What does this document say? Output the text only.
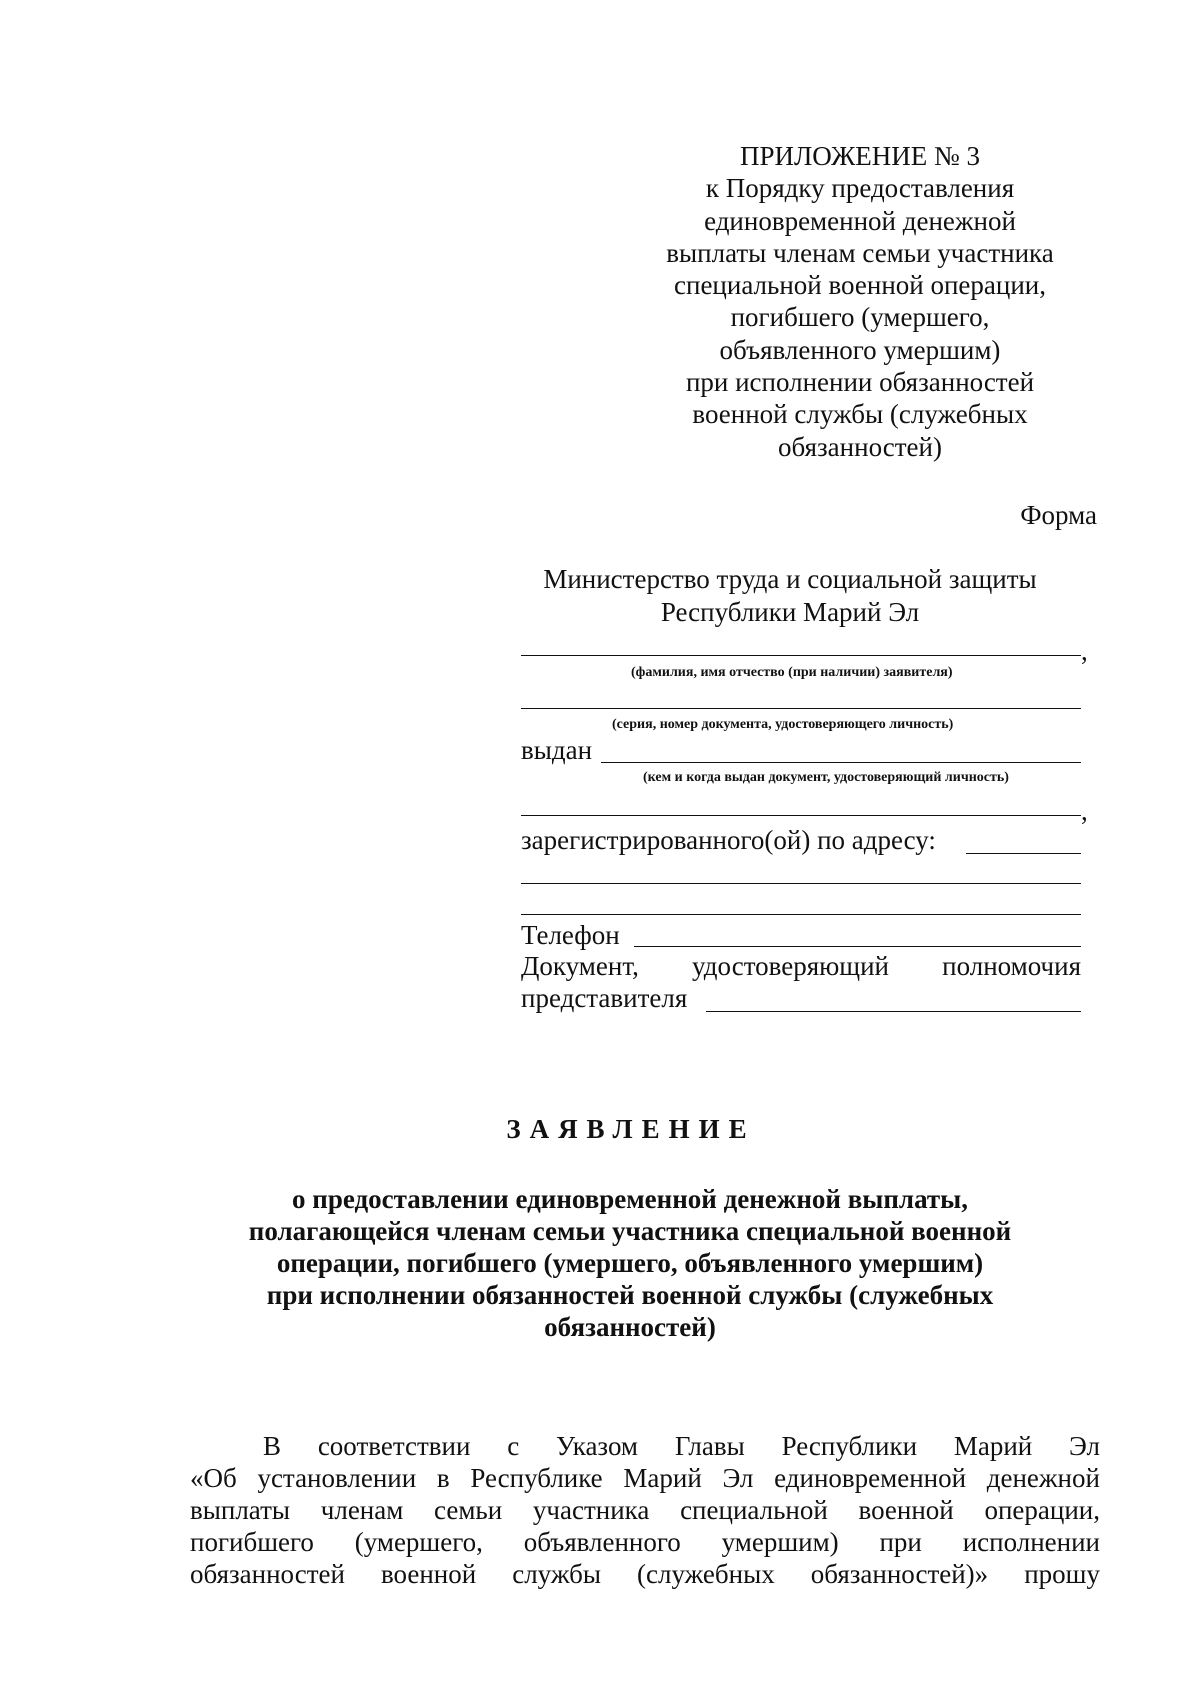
ПРИЛОЖЕНИЕ № 3
к Порядку предоставления
единовременной денежной
выплаты членам семьи участника
специальной военной операции,
погибшего (умершего,
объявленного умершим)
при исполнении обязанностей
военной службы (служебных
обязанностей)
Форма
Министерство труда и социальной защиты
Республики Марий Эл
,
(фамилия, имя отчество (при наличии) заявителя)
(серия, номер документа, удостоверяющего личность)
выдан
(кем и когда выдан документ, удостоверяющий личность)
,
зарегистрированного(ой) по адресу:
Телефон
Документ, удостоверяющий полномочия
представителя
ЗАЯВЛЕНИЕ
о предоставлении единовременной денежной выплаты,
полагающейся членам семьи участника специальной военной
операции, погибшего (умершего, объявленного умершим)
при исполнении обязанностей военной службы (служебных
обязанностей)
В соответствии с Указом Главы Республики Марий Эл
«Об установлении в Республике Марий Эл единовременной денежной
выплаты членам семьи участника специальной военной операции,
погибшего (умершего, объявленного умершим) при исполнении
обязанностей военной службы (служебных обязанностей)» прошу
